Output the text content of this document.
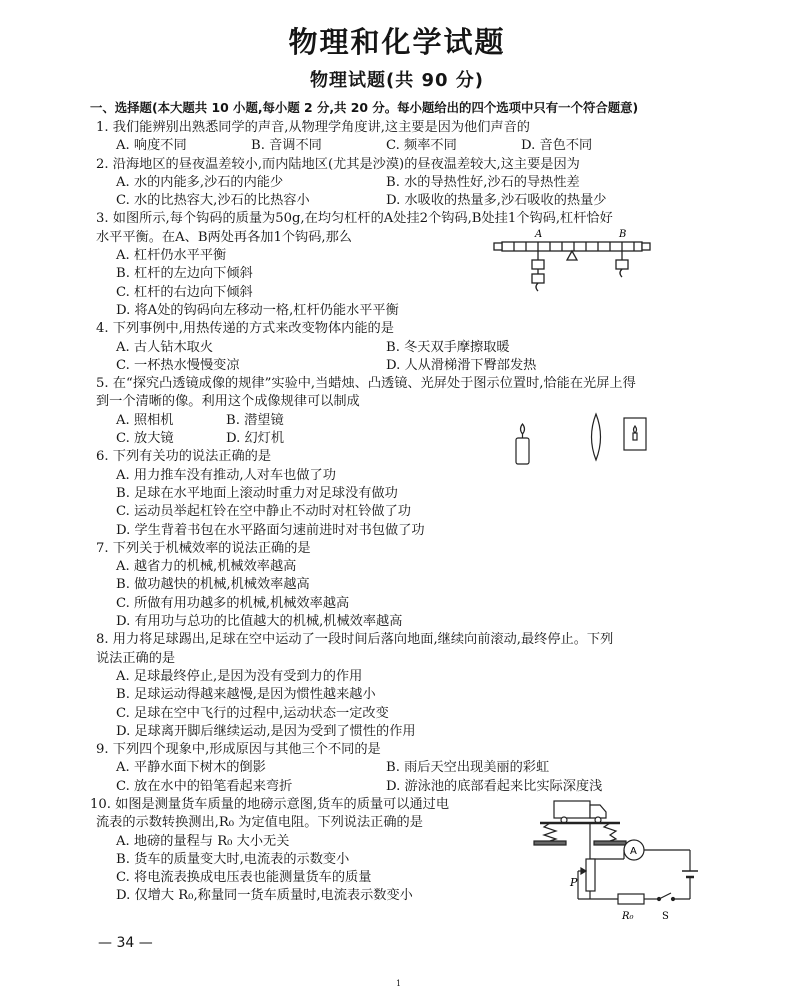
物理和化学试题
物理试题(共 90 分)
一、选择题(本大题共 10 小题,每小题 2 分,共 20 分。每小题给出的四个选项中只有一个符合题意)
1. 我们能辨别出熟悉同学的声音,从物理学角度讲,这主要是因为他们声音的
A. 响度不同	B. 音调不同	C. 频率不同	D. 音色不同
2. 沿海地区的昼夜温差较小,而内陆地区(尤其是沙漠)的昼夜温差较大,这主要是因为
A. 水的内能多,沙石的内能少	B. 水的导热性好,沙石的导热性差
C. 水的比热容大,沙石的比热容小	D. 水吸收的热量多,沙石吸收的热量少
3. 如图所示,每个钩码的质量为50g,在均匀杠杆的A处挂2个钩码,B处挂1个钩码,杠杆恰好
水平平衡。在A、B两处再各加1个钩码,那么
A. 杠杆仍水平平衡
B. 杠杆的左边向下倾斜
C. 杠杆的右边向下倾斜
D. 将A处的钩码向左移动一格,杠杆仍能水平平衡
4. 下列事例中,用热传递的方式来改变物体内能的是
A. 古人钻木取火	B. 冬天双手摩擦取暖
C. 一杯热水慢慢变凉	D. 人从滑梯滑下臀部发热
5. 在“探究凸透镜成像的规律”实验中,当蜡烛、凸透镜、光屏处于图示位置时,恰能在光屏上得
到一个清晰的像。利用这个成像规律可以制成
A. 照相机	B. 潜望镜
C. 放大镜	D. 幻灯机
6. 下列有关功的说法正确的是
A. 用力推车没有推动,人对车也做了功
B. 足球在水平地面上滚动时重力对足球没有做功
C. 运动员举起杠铃在空中静止不动时对杠铃做了功
D. 学生背着书包在水平路面匀速前进时对书包做了功
7. 下列关于机械效率的说法正确的是
A. 越省力的机械,机械效率越高
B. 做功越快的机械,机械效率越高
C. 所做有用功越多的机械,机械效率越高
D. 有用功与总功的比值越大的机械,机械效率越高
8. 用力将足球踢出,足球在空中运动了一段时间后落向地面,继续向前滚动,最终停止。下列
说法正确的是
A. 足球最终停止,是因为没有受到力的作用
B. 足球运动得越来越慢,是因为惯性越来越小
C. 足球在空中飞行的过程中,运动状态一定改变
D. 足球离开脚后继续运动,是因为受到了惯性的作用
9. 下列四个现象中,形成原因与其他三个不同的是
A. 平静水面下树木的倒影	B. 雨后天空出现美丽的彩虹
C. 放在水中的铅笔看起来弯折	D. 游泳池的底部看起来比实际深度浅
10. 如图是测量货车质量的地磅示意图,货车的质量可以通过电
流表的示数转换测出,R₀ 为定值电阻。下列说法正确的是
A. 地磅的量程与 R₀ 大小无关
B. 货车的质量变大时,电流表的示数变小
C. 将电流表换成电压表也能测量货车的质量
D. 仅增大 R₀,称量同一货车质量时,电流表示数变小
A	B
A
P
R₀	S
— 34 —
1
